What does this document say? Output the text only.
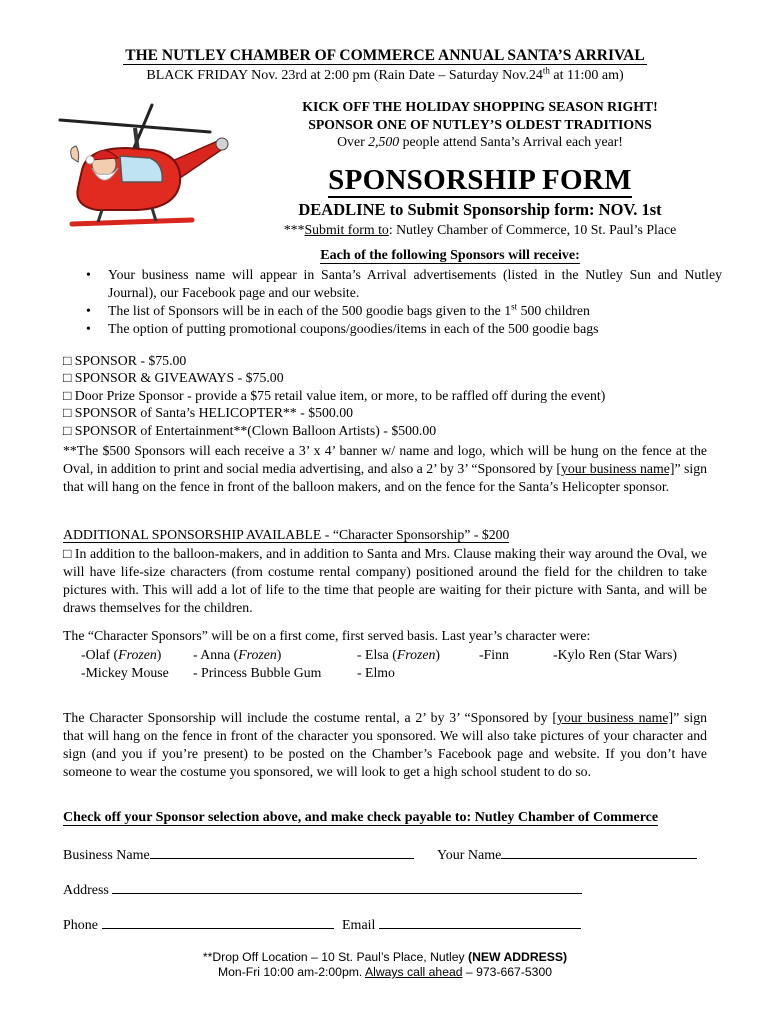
THE NUTLEY CHAMBER OF COMMERCE ANNUAL SANTA’S ARRIVAL
BLACK FRIDAY Nov. 23rd at 2:00 pm (Rain Date – Saturday Nov.24th at 11:00 am)
KICK OFF THE HOLIDAY SHOPPING SEASON RIGHT!
SPONSOR ONE OF NUTLEY’S OLDEST TRADITIONS
Over 2,500 people attend Santa’s Arrival each year!
SPONSORSHIP FORM
DEADLINE to Submit Sponsorship form: NOV. 1st
***Submit form to: Nutley Chamber of Commerce, 10 St. Paul’s Place
Each of the following Sponsors will receive:
• Your business name will appear in Santa’s Arrival advertisements (listed in the Nutley Sun and Nutley Journal), our Facebook page and our website.
• The list of Sponsors will be in each of the 500 goodie bags given to the 1st 500 children
• The option of putting promotional coupons/goodies/items in each of the 500 goodie bags
□ SPONSOR - $75.00
□ SPONSOR & GIVEAWAYS - $75.00
□ Door Prize Sponsor - provide a $75 retail value item, or more, to be raffled off during the event)
□ SPONSOR of Santa’s HELICOPTER** - $500.00
□ SPONSOR of Entertainment**(Clown Balloon Artists) - $500.00
**The $500 Sponsors will each receive a 3’ x 4’ banner w/ name and logo, which will be hung on the fence at the Oval, in addition to print and social media advertising, and also a 2’ by 3’ “Sponsored by [your business name]” sign that will hang on the fence in front of the balloon makers, and on the fence for the Santa’s Helicopter sponsor.
ADDITIONAL SPONSORSHIP AVAILABLE - “Character Sponsorship” - $200
□ In addition to the balloon-makers, and in addition to Santa and Mrs. Clause making their way around the Oval, we will have life-size characters (from costume rental company) positioned around the field for the children to take pictures with. This will add a lot of life to the time that people are waiting for their picture with Santa, and will be draws themselves for the children.
The “Character Sponsors” will be on a first come, first served basis. Last year’s character were:
-Olaf (Frozen) - Anna (Frozen)	- Elsa (Frozen)	-Finn	-Kylo Ren (Star Wars)
-Mickey Mouse - Princess Bubble Gum	- Elmo
The Character Sponsorship will include the costume rental, a 2’ by 3’ “Sponsored by [your business name]” sign that will hang on the fence in front of the character you sponsored. We will also take pictures of your character and sign (and you if you’re present) to be posted on the Chamber’s Facebook page and website. If you don’t have someone to wear the costume you sponsored, we will look to get a high school student to do so.
Check off your Sponsor selection above, and make check payable to: Nutley Chamber of Commerce
Business Name	Your Name
Address
Phone	Email
**Drop Off Location – 10 St. Paul’s Place, Nutley (NEW ADDRESS)
Mon-Fri 10:00 am-2:00pm. Always call ahead – 973-667-5300
